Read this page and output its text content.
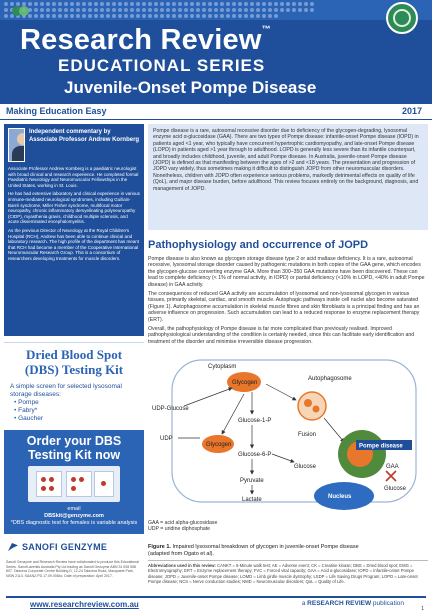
Research Review™
EDUCATIONAL SERIES
Juvenile-Onset Pompe Disease
Making Education Easy	2017
Independent commentary by Associate Professor Andrew Kornberg

Associate Professor Andrew Kornberg is a paediatric neurologist with broad clinical and research experience. He completed formal Paediatric Neurology and Neuromuscular Fellowships in the United States, working in St. Louis.

He has had extensive laboratory and clinical experience in various immune-mediated neurological syndromes, including Guillain-Barré syndrome, Miller Fisher syndrome, multifocal motor neuropathy, chronic inflammatory demyelinating polyneuropathy (CIDP), myasthenia gravis, childhood multiple sclerosis, and acute disseminated encephalomyelitis.

As the previous Director of Neurology at the Royal Children's Hospital (RCH), Andrew has been able to continue clinical and laboratory research. The high profile of the department has meant that RCH had become a member of the Cooperative International Neuromuscular Research Group. This is a consortium of researchers developing treatments for muscle disorders.

Dried Blood Spot (DBS) Testing Kit
A simple screen for selected lysosomal storage diseases:
• Pompe
• Fabry*
• Gaucher
Order your DBS Testing Kit now
email
DBSkit@genzyme.com
*DBS diagnostic test for females is variable analysis
SANOFI GENZYME
Sanofi Genzyme and Research Review have collaborated to produce this Educational Series. Sanofi-aventis Australia Pty Ltd trading as Sanofi Genzyme ABN 31 008 558 807. Talavera Corporate Centre Building D, 12-24 Talavera Road, Macquarie Park, NSW 2113. SAANZ.PD.17.09.0084c. Date of preparation: April 2017.
Pompe disease is a rare, autosomal recessive disorder due to deficiency of the glycogen-degrading, lysosomal enzyme acid α-glucosidase (GAA). There are two types of Pompe disease: infantile-onset Pompe disease (IOPD) in patients aged <1 year, who typically have concurrent hypertrophic cardiomyopathy, and late-onset Pompe disease (LOPD) in patients aged >1 year through to adulthood. LOPD is generally less severe than its infantile counterpart, and broadly includes childhood, juvenile, and adult Pompe disease. In Australia, juvenile-onset Pompe disease (JOPD) is defined as that manifesting between the ages of >2 and <18 years. The presentation and progression of JOPD vary widely, thus sometimes making it difficult to distinguish JOPD from other neuromuscular disorders. Nonetheless, children with JOPD often experience serious problems, markedly detrimental effects on quality of life (QoL), and major disease burden, before adulthood. This review focuses entirely on the background, diagnosis, and management of JOPD.
Pathophysiology and occurrence of JOPD

Pompe disease is also known as glycogen storage disease type 2 or acid maltase deficiency. It is a rare, autosomal recessive, lysosomal storage disorder caused by pathogenic mutations in both copies of the GAA gene, which encodes the glycogen-glucose converting enzyme GAA. More than 300–350 GAA mutations have been discovered. These can lead to complete deficiency (< 1% of normal activity, in IOPD) or partial deficiency (<10% in LOPD, <40% in adult Pompe disease) in GAA activity.

The consequences of reduced GAA activity are accumulation of lysosomal and non-lysosomal glycogen in various tissues, primarily skeletal, cardiac, and smooth muscle. Autophagic pathways inside cell nuclei also become saturated (Figure 1). Autophagosome accumulation in skeletal muscle fibres and skin fibroblasts is a principal finding and has an adverse influence on progression. Such accumulation can lead to a reduced response to enzyme replacement therapy (ERT).

Overall, the pathophysiology of Pompe disease is far more complicated than previously realised. Improved pathophysiological understanding of the condition is certainly needed, since this can facilitate early identification and treatment of the disorder and minimise irreversible disease progression.

Cytoplasm
Glycogen
UDP-Glucose
UDP
Glycogen
Glucose-1-P
Glucose-6-P
Glucose
Pyruvate
Lactate
Autophagosome
Fusion
Pompe disease
GAA
Glucose
Nucleus
GAA = acid alpha-glucosidase
UDP = uridine diphosphate
Figure 1. Impaired lysosomal breakdown of glycogen in juvenile-onset Pompe disease
(adapted from Ogato et al).
Abbreviations used in this review: CANKT = 6-Minute walk test; AE = Adverse event; CK = Creatine kinase; DBS = Dried blood spot; EMG = Electromyography; ERT = Enzyme replacement therapy; FVC = Forced vital capacity; GAA = Acid α-glucosidase; IOPD = Infantile-onset Pompe disease; JOPD = Juvenile-onset Pompe disease; LOMD = Limb girdle muscle dystrophy; LSDP = Life Saving Drugs Program; LOPD = Late-onset Pompe disease; NCS = Nerve conduction studies; NMD = Neuromuscular disorders; QoL = Quality of Life.
www.researchreview.com.au	a RESEARCH REVIEW publication
1
